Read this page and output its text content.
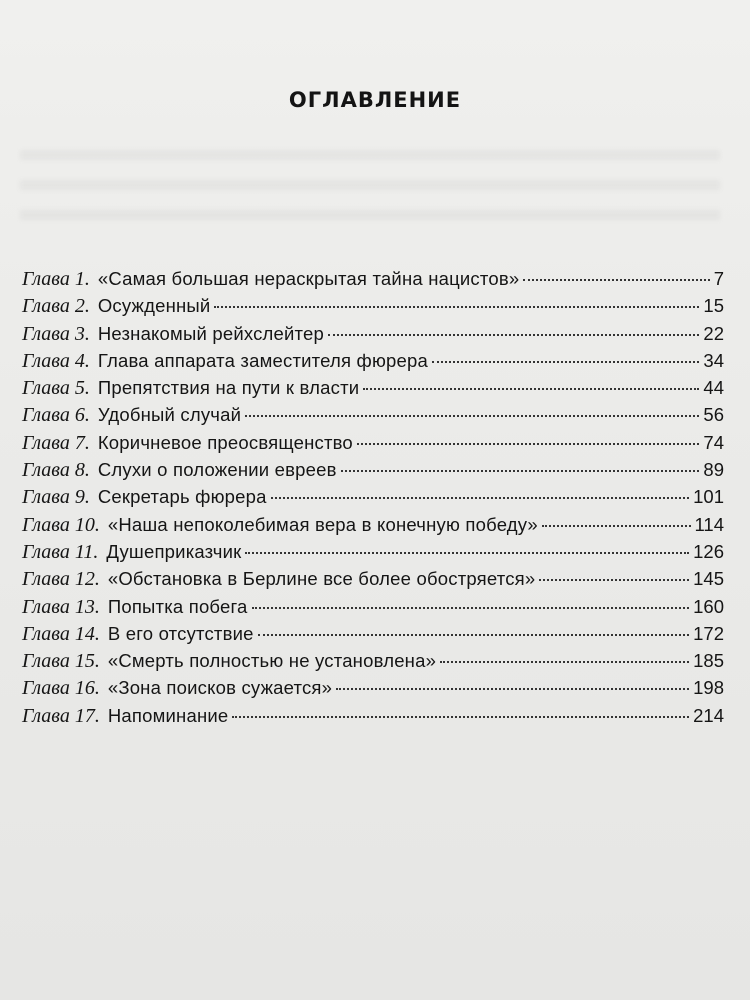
ОГЛАВЛЕНИЕ
Глава 1. «Самая большая нераскрытая тайна нацистов»	7
Глава 2. Осужденный	15
Глава 3. Незнакомый рейхслейтер	22
Глава 4. Глава аппарата заместителя фюрера	34
Глава 5. Препятствия на пути к власти	44
Глава 6. Удобный случай	56
Глава 7. Коричневое преосвященство	74
Глава 8. Слухи о положении евреев	89
Глава 9. Секретарь фюрера	101
Глава 10. «Наша непоколебимая вера в конечную победу»	114
Глава 11. Душеприказчик	126
Глава 12. «Обстановка в Берлине все более обостряется»	145
Глава 13. Попытка побега	160
Глава 14. В его отсутствие	172
Глава 15. «Смерть полностью не установлена»	185
Глава 16. «Зона поисков сужается»	198
Глава 17. Напоминание	214
